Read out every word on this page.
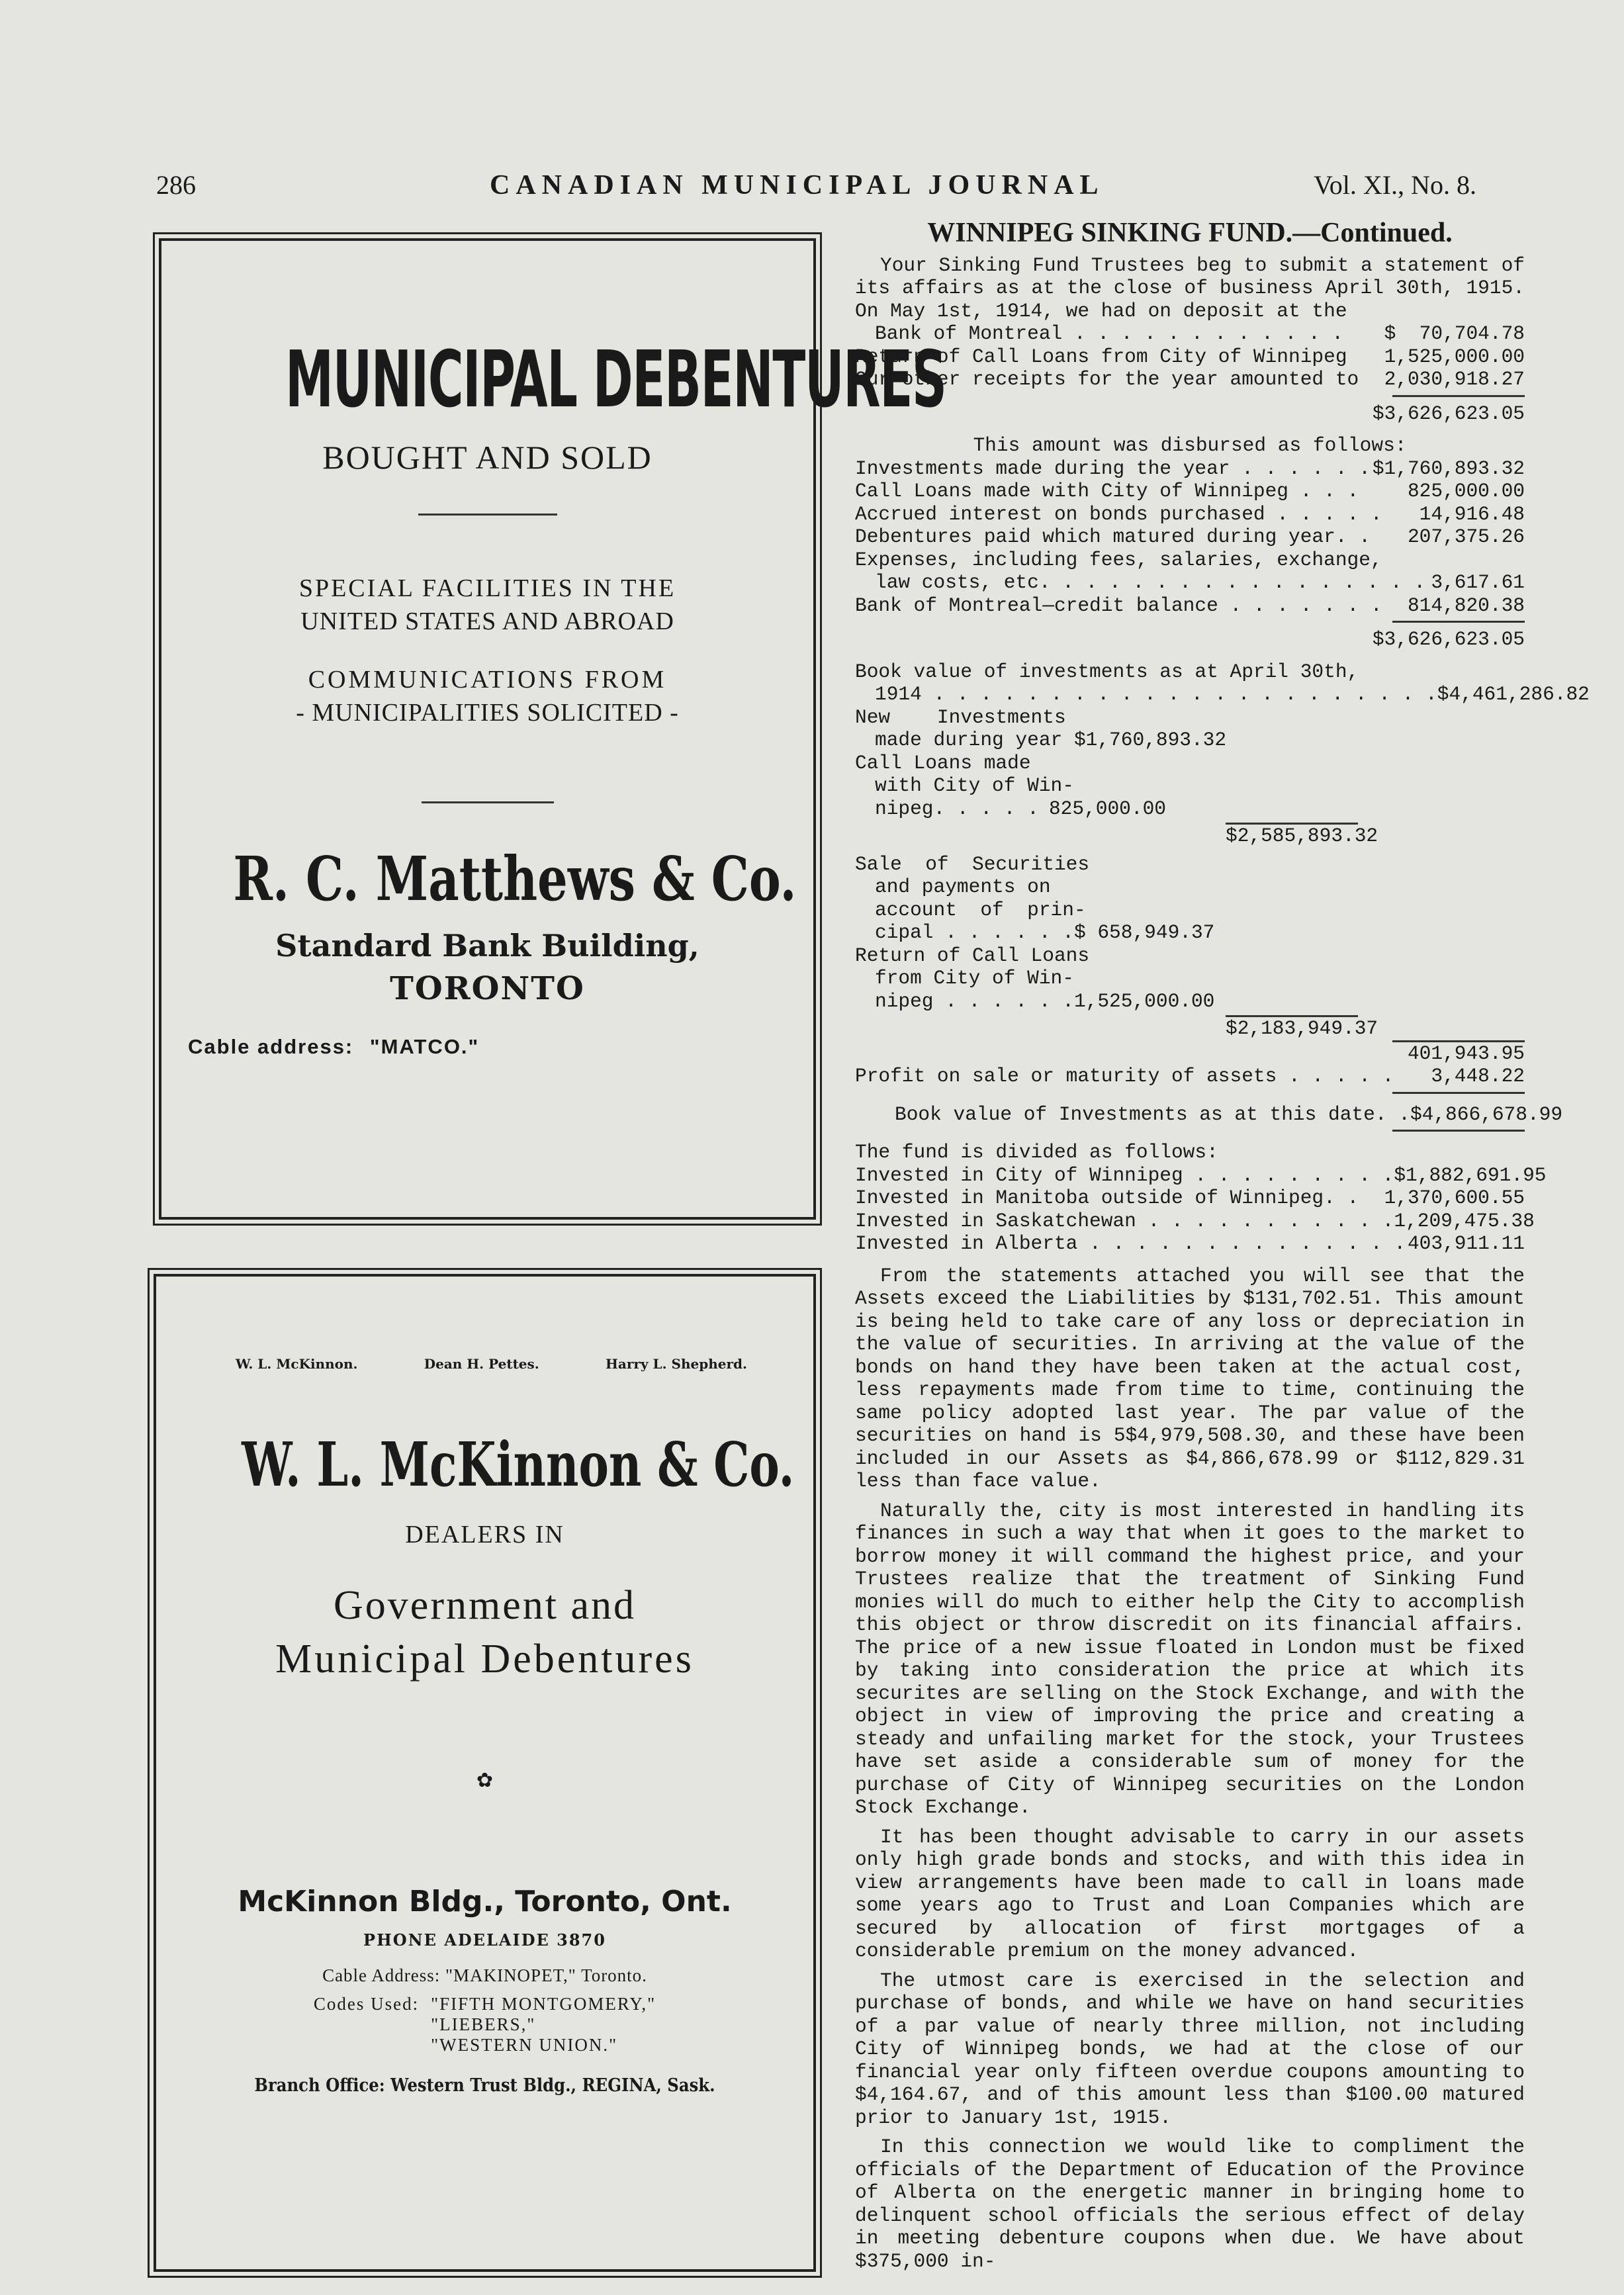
286	CANADIAN MUNICIPAL JOURNAL	Vol. XI., No. 8.
MUNICIPAL DEBENTURES
BOUGHT AND SOLD
SPECIAL FACILITIES IN THE
UNITED STATES AND ABROAD
COMMUNICATIONS FROM
- MUNICIPALITIES SOLICITED -
R. C. Matthews & Co.
Standard Bank Building,
TORONTO
Cable address: "MATCO."
W. L. McKinnon.	Dean H. Pettes.	Harry L. Shepherd.
W. L. McKinnon & Co.
DEALERS IN
Government and
Municipal Debentures
✿
McKinnon Bldg., Toronto, Ont.
PHONE ADELAIDE 3870
Cable Address: "MAKINOPET," Toronto.
Codes Used: "FIFTH MONTGOMERY,"
"LIEBERS,"
"WESTERN UNION."
Branch Office: Western Trust Bldg., REGINA, Sask.
WINNIPEG SINKING FUND.—Continued.

Your Sinking Fund Trustees beg to submit a statement of its affairs as at the close of business April 30th, 1915. On May 1st, 1914, we had on deposit at the

Bank of Montreal . . . . . . . . . . . . $  70,704.78
Return of Call Loans from City of Winnipeg 1,525,000.00
Our other receipts for the year amounted to 2,030,918.27
$3,626,623.05
This amount was disbursed as follows:
Investments made during the year . . . . . . $1,760,893.32
Call Loans made with City of Winnipeg . . . 825,000.00
Accrued interest on bonds purchased . . . . . 14,916.48
Debentures paid which matured during year. . 207,375.26
Expenses, including fees, salaries, exchange,
law costs, etc. . . . . . . . . . . . . . . . . 3,617.61
Bank of Montreal—credit balance . . . . . . . 814,820.38
$3,626,623.05
Book value of investments as at April 30th,
1914 . . . . . . . . . . . . . . . . . . . . . . $4,461,286.82
New    Investments
made during year $1,760,893.32
Call Loans made
with City of Win-
nipeg. . . . . 825,000.00
$2,585,893.32
Sale  of  Securities
and payments on
account  of  prin-
cipal . . . . . .$ 658,949.37
Return of Call Loans
from City of Win-
nipeg . . . . . .1,525,000.00
$2,183,949.37
401,943.95
Profit on sale or maturity of assets . . . . . 3,448.22
Book value of Investments as at this date. . $4,866,678.99
The fund is divided as follows:
Invested in City of Winnipeg . . . . . . . . . $1,882,691.95
Invested in Manitoba outside of Winnipeg. . 1,370,600.55
Invested in Saskatchewan . . . . . . . . . . . 1,209,475.38
Invested in Alberta . . . . . . . . . . . . . . 403,911.11

From the statements attached you will see that the Assets exceed the Liabilities by $131,702.51. This amount is being held to take care of any loss or depreciation in the value of securities. In arriving at the value of the bonds on hand they have been taken at the actual cost, less repayments made from time to time, continuing the same policy adopted last year. The par value of the securities on hand is 5$4,979,508.30, and these have been included in our Assets as $4,866,678.99 or $112,829.31 less than face value.

Naturally the, city is most interested in handling its finances in such a way that when it goes to the market to borrow money it will command the highest price, and your Trustees realize that the treatment of Sinking Fund monies will do much to either help the City to accomplish this object or throw discredit on its financial affairs. The price of a new issue floated in London must be fixed by taking into consideration the price at which its securites are selling on the Stock Exchange, and with the object in view of improving the price and creating a steady and unfailing market for the stock, your Trustees have set aside a considerable sum of money for the purchase of City of Winnipeg securities on the London Stock Exchange.

It has been thought advisable to carry in our assets only high grade bonds and stocks, and with this idea in view arrangements have been made to call in loans made some years ago to Trust and Loan Companies which are secured by allocation of first mortgages of a considerable premium on the money advanced.

The utmost care is exercised in the selection and purchase of bonds, and while we have on hand securities of a par value of nearly three million, not including City of Winnipeg bonds, we had at the close of our financial year only fifteen overdue coupons amounting to $4,164.67, and of this amount less than $100.00 matured prior to January 1st, 1915.

In this connection we would like to compliment the officials of the Department of Education of the Province of Alberta on the energetic manner in bringing home to delinquent school officials the serious effect of delay in meeting debenture coupons when due. We have about $375,000 in-
